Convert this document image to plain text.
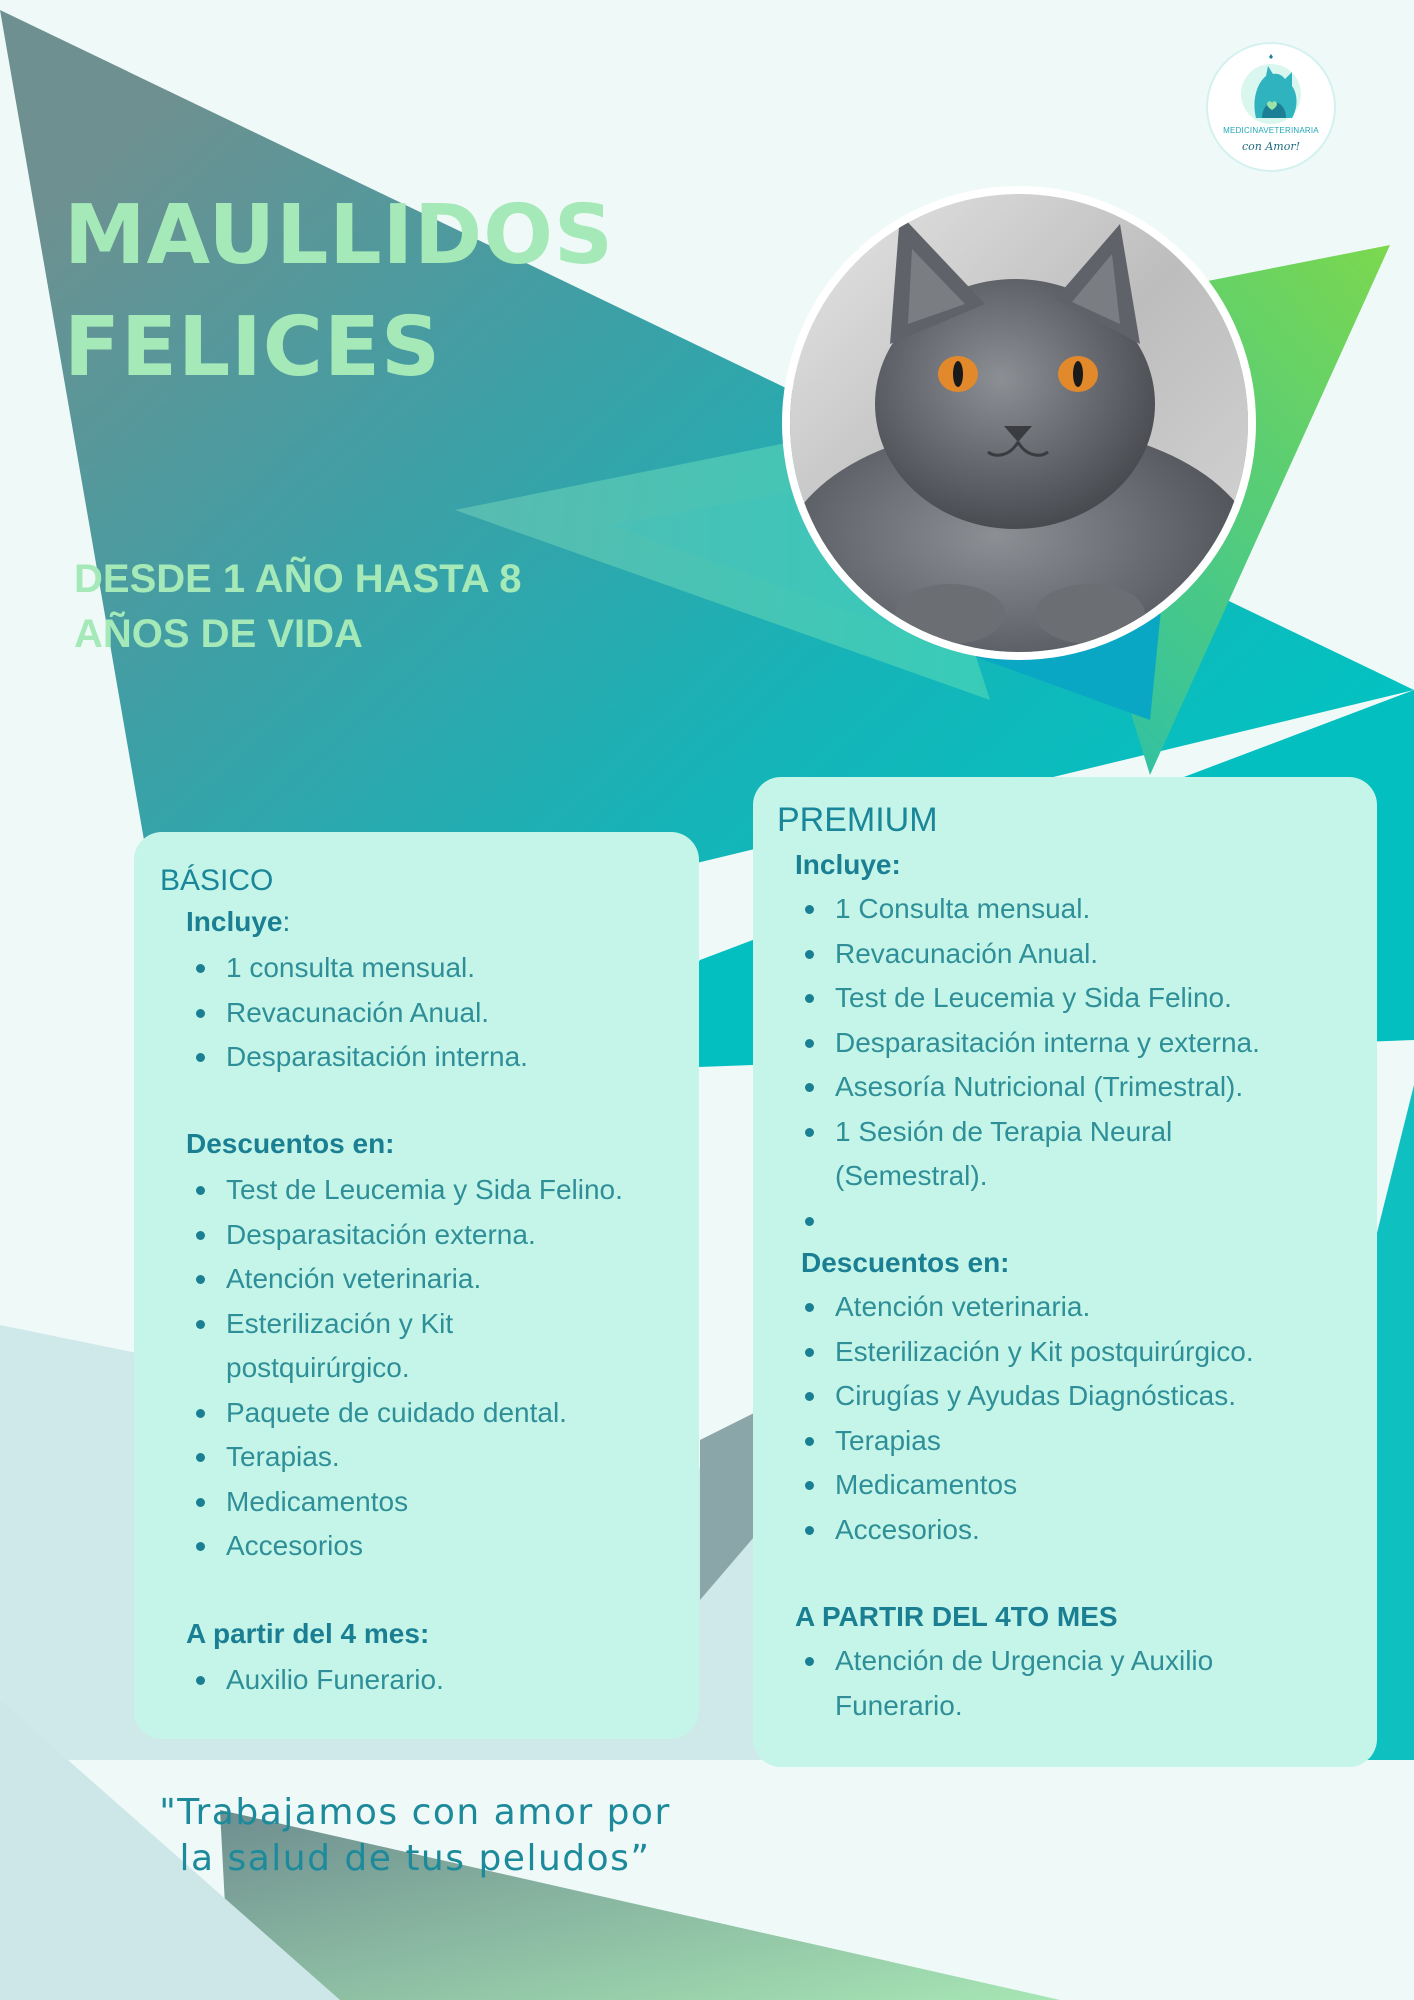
MAULLIDOS
FELICES

DESDE 1 AÑO HASTA 8
AÑOS DE VIDA

MEDICINAVETERINARIA
con Amor!
BÁSICO
Incluye:
1 consulta mensual.
Revacunación Anual.
Desparasitación interna.
Descuentos en:
Test de Leucemia y Sida Felino.
Desparasitación externa.
Atención veterinaria.
Esterilización y Kit postquirúrgico.
Paquete de cuidado dental.
Terapias.
Medicamentos
Accesorios
A partir del 4 mes:
Auxilio Funerario.
PREMIUM
Incluye:
1 Consulta mensual.
Revacunación Anual.
Test de Leucemia y Sida Felino.
Desparasitación interna y externa.
Asesoría Nutricional (Trimestral).
1 Sesión de Terapia Neural (Semestral).
Descuentos en:
Atención veterinaria.
Esterilización y Kit postquirúrgico.
Cirugías y Ayudas Diagnósticas.
Terapias
Medicamentos
Accesorios.
A PARTIR DEL 4TO MES
Atención de Urgencia y Auxilio Funerario.

"Trabajamos con amor por
la salud de tus peludos”
